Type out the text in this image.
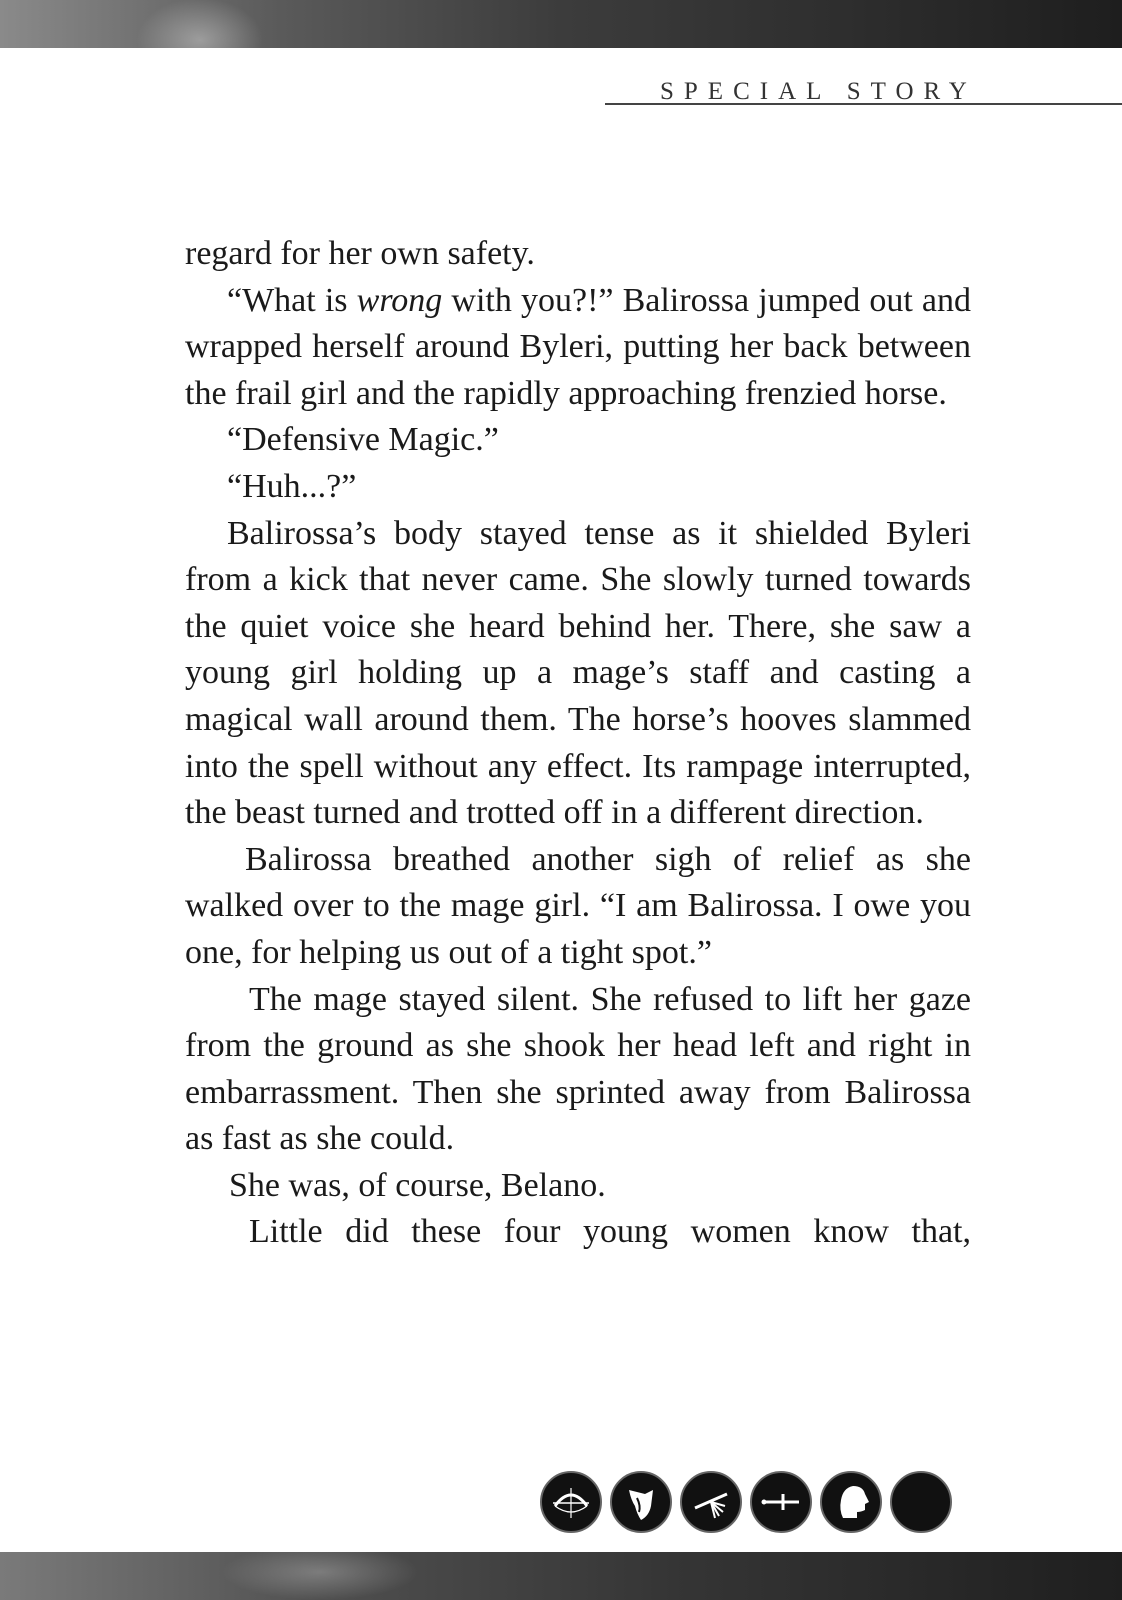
SPECIAL STORY

regard for her own safety.

“What is wrong with you?!” Balirossa jumped out and wrapped herself around Byleri, putting her back between the frail girl and the rapidly approaching frenzied horse.

“Defensive Magic.”

“Huh...?”

Balirossa’s body stayed tense as it shielded Byleri from a kick that never came. She slowly turned towards the quiet voice she heard behind her. There, she saw a young girl holding up a mage’s staff and casting a magical wall around them. The horse’s hooves slammed into the spell without any effect. Its rampage interrupted, the beast turned and trotted off in a different direction.

Balirossa breathed another sigh of relief as she walked over to the mage girl. “I am Balirossa. I owe you one, for helping us out of a tight spot.”

The mage stayed silent. She refused to lift her gaze from the ground as she shook her head left and right in embarrassment. Then she sprinted away from Balirossa as fast as she could.

She was, of course, Belano.

Little did these four young women know that,
